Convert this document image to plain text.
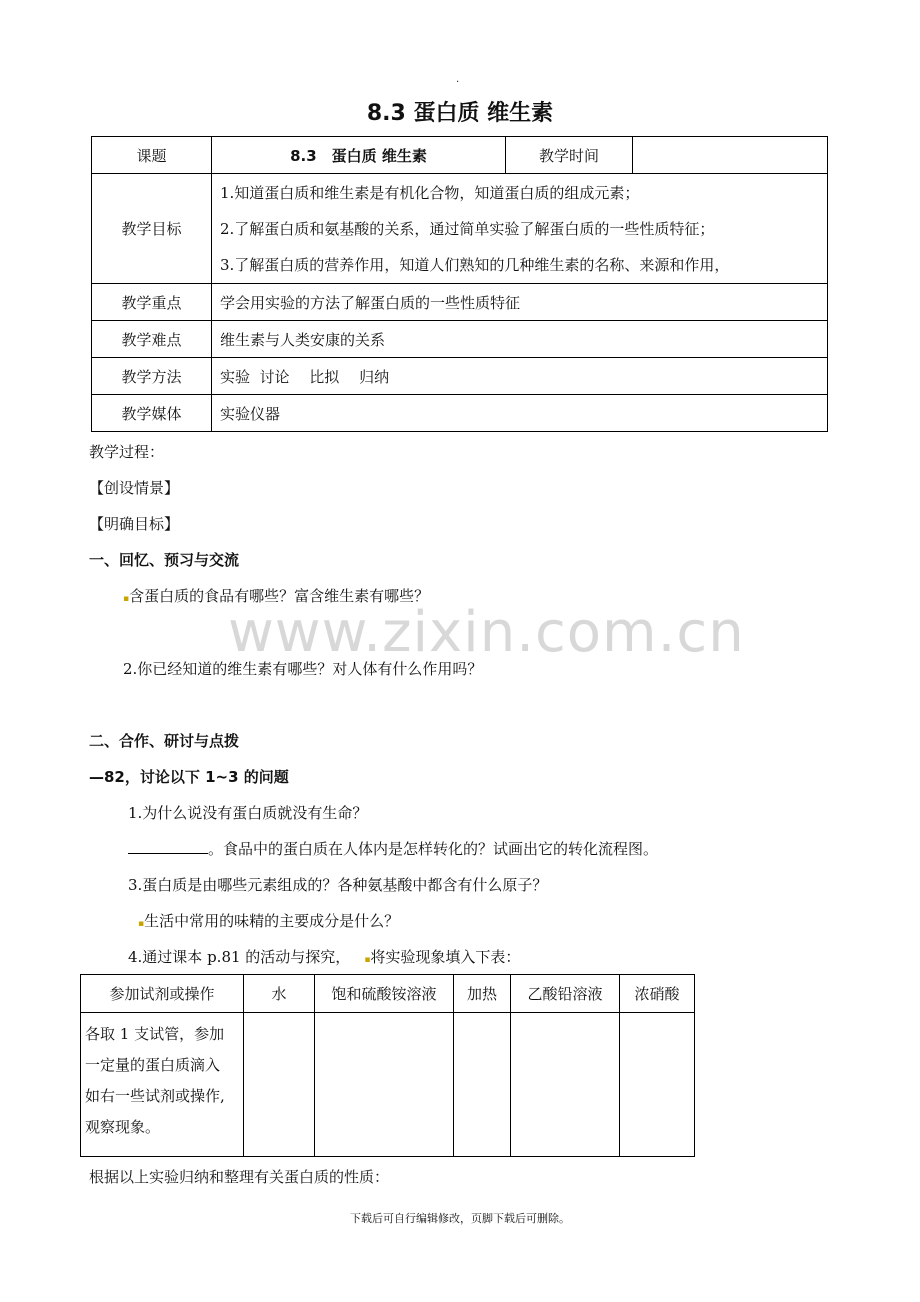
.
8.3 蛋白质 维生素
课题	8.3　蛋白质 维生素	教学时间	
教学目标	1.知道蛋白质和维生素是有机化合物，知道蛋白质的组成元素；
2.了解蛋白质和氨基酸的关系，通过简单实验了解蛋白质的一些性质特征；
3.了解蛋白质的营养作用，知道人们熟知的几种维生素的名称、来源和作用，		

教学重点	学会用实验的方法了解蛋白质的一些性质特征		
教学难点	维生素与人类安康的关系		
教学方法	实验  讨论　 比拟　 归纳		
教学媒体	实验仪器		
教学过程：
【创设情景】
【明确目标】
一、回忆、预习与交流
▪含蛋白质的食品有哪些？富含维生素有哪些？
www.zixin.com.cn
2.你已经知道的维生素有哪些？对人体有什么作用吗？
二、合作、研讨与点拨
—82，讨论以下 1~3 的问题
1.为什么说没有蛋白质就没有生命？
。食品中的蛋白质在人体内是怎样转化的？试画出它的转化流程图。
3.蛋白质是由哪些元素组成的？各种氨基酸中都含有什么原子？
▪生活中常用的味精的主要成分是什么？
4.通过课本 p.81 的活动与探究， ▪将实验现象填入下表：
参加试剂或操作	水	饱和硫酸铵溶液	加热	乙酸铅溶液	浓硝酸

各取 1 支试管，参加
一定量的蛋白质滴入
如右一些试剂或操作,
观察现象。					

根据以上实验归纳和整理有关蛋白质的性质：
下载后可自行编辑修改，页脚下载后可删除。
